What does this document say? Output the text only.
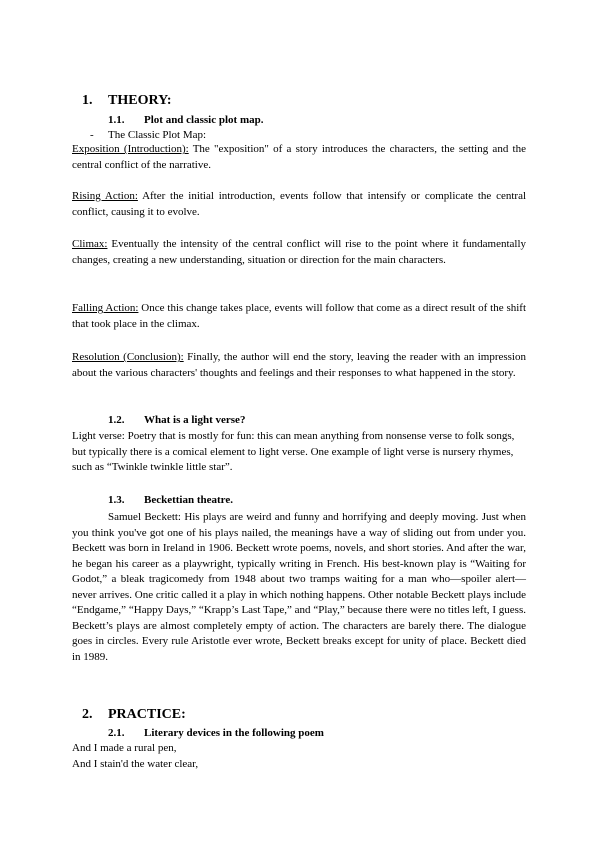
1. THEORY:
1.1. Plot and classic plot map.
- The Classic Plot Map:
Exposition (Introduction): The "exposition" of a story introduces the characters, the setting and the central conflict of the narrative.
Rising Action: After the initial introduction, events follow that intensify or complicate the central conflict, causing it to evolve.
Climax: Eventually the intensity of the central conflict will rise to the point where it fundamentally changes, creating a new understanding, situation or direction for the main characters.
Falling Action: Once this change takes place, events will follow that come as a direct result of the shift that took place in the climax.
Resolution (Conclusion): Finally, the author will end the story, leaving the reader with an impression about the various characters' thoughts and feelings and their responses to what happened in the story.
1.2. What is a light verse?
Light verse: Poetry that is mostly for fun: this can mean anything from nonsense verse to folk songs, but typically there is a comical element to light verse. One example of light verse is nursery rhymes, such as “Twinkle twinkle little star”.
1.3. Beckettian theatre.
Samuel Beckett: His plays are weird and funny and horrifying and deeply moving. Just when you think you've got one of his plays nailed, the meanings have a way of sliding out from under you. Beckett was born in Ireland in 1906. Beckett wrote poems, novels, and short stories. And after the war, he began his career as a playwright, typically writing in French. His best-known play is “Waiting for Godot,” a bleak tragicomedy from 1948 about two tramps waiting for a man who—spoiler alert—never arrives. One critic called it a play in which nothing happens. Other notable Beckett plays include “Endgame,” “Happy Days,” “Krapp’s Last Tape,” and “Play,” because there were no titles left, I guess. Beckett’s plays are almost completely empty of action. The characters are barely there. The dialogue goes in circles. Every rule Aristotle ever wrote, Beckett breaks except for unity of place. Beckett died in 1989.
2. PRACTICE:
2.1. Literary devices in the following poem
And I made a rural pen,
And I stain'd the water clear,
